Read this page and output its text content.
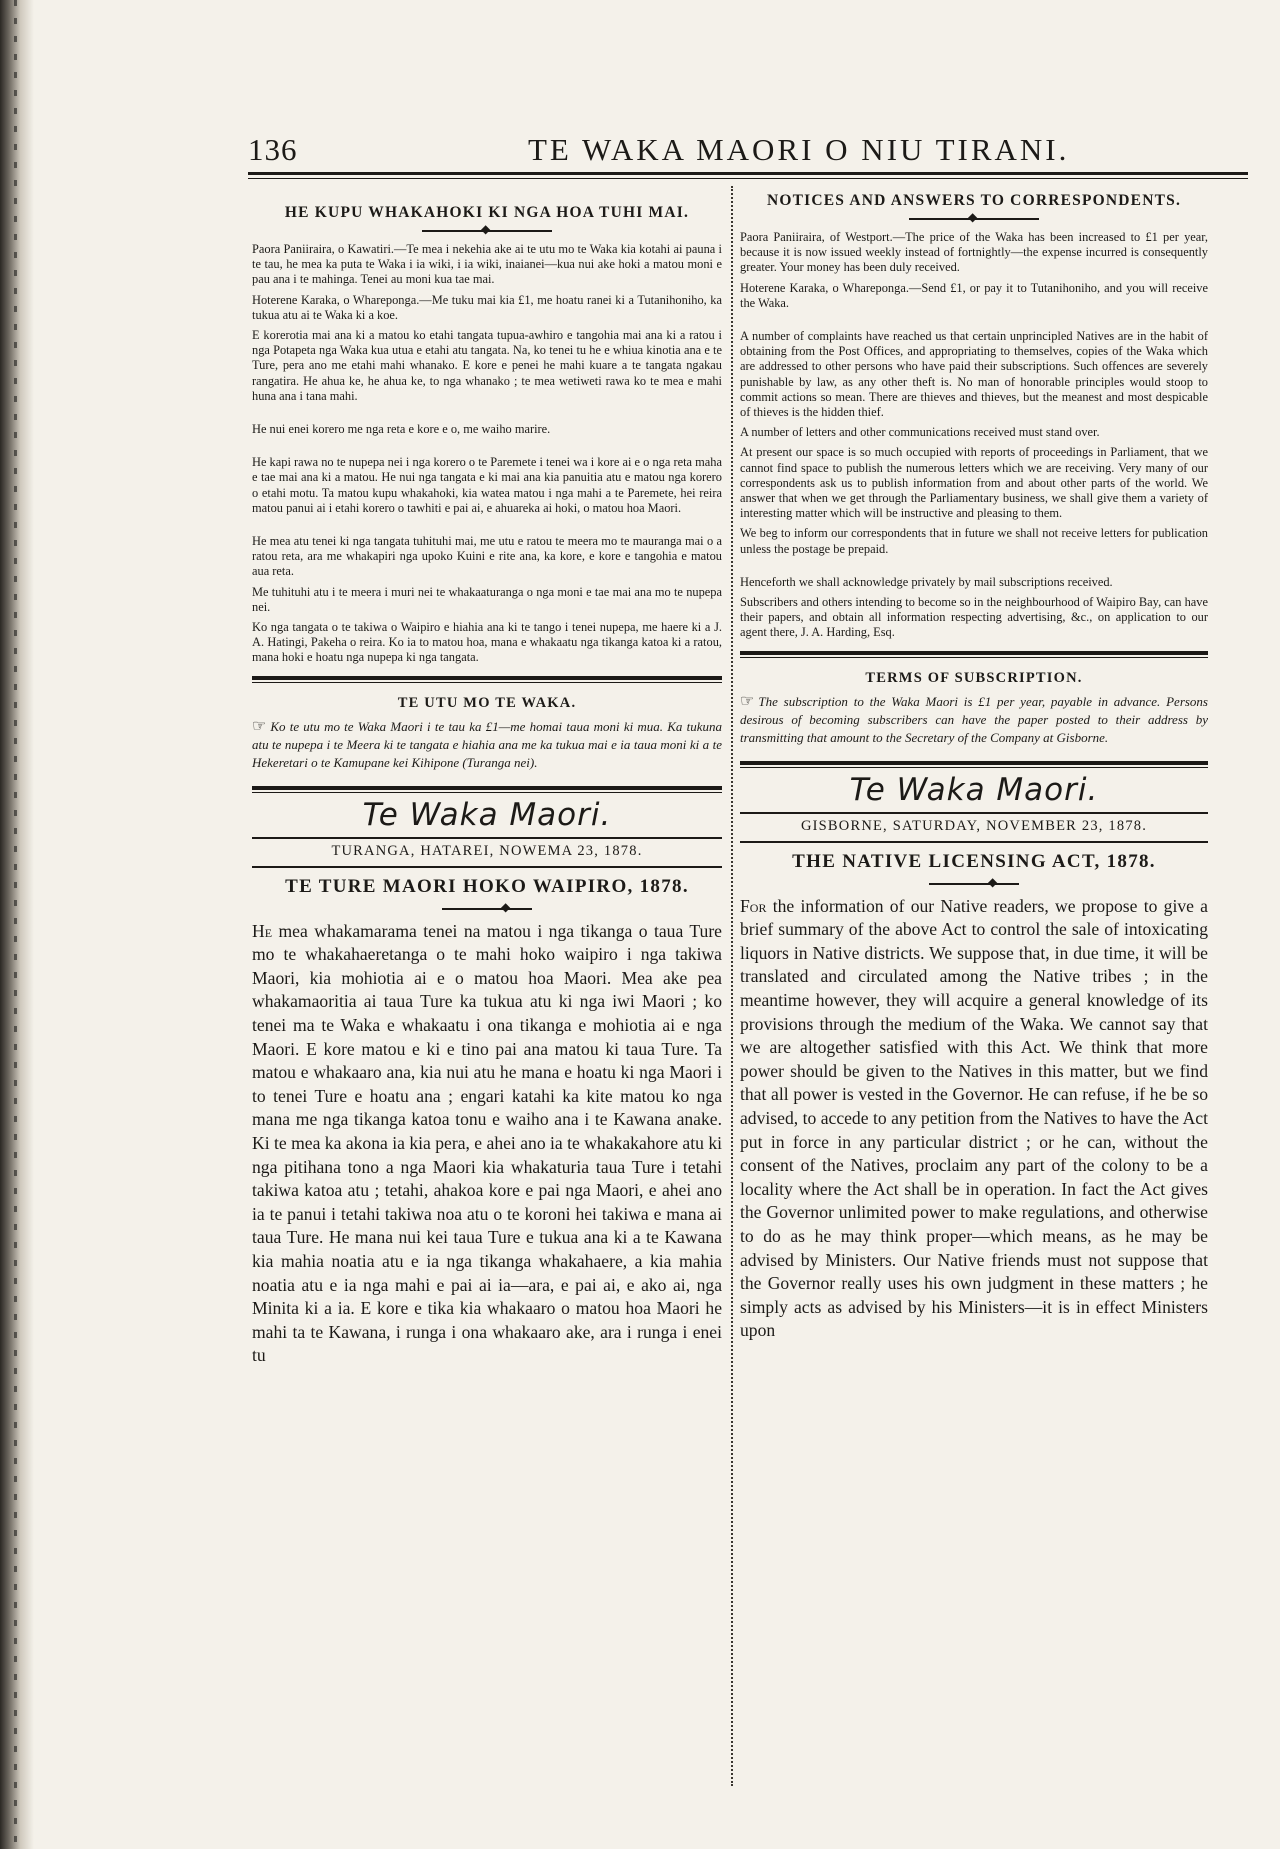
136	TE WAKA MAORI O NIU TIRANI.
HE KUPU WHAKAHOKI KI NGA HOA TUHI MAI.
◆

Paora Paniiraira, o Kawatiri.—Te mea i nekehia ake ai te utu mo te Waka kia kotahi ai pauna i te tau, he mea ka puta te Waka i ia wiki, i ia wiki, inaianei—kua nui ake hoki a matou moni e pau ana i te mahinga. Tenei au moni kua tae mai.

Hoterene Karaka, o Whareponga.—Me tuku mai kia £1, me hoatu ranei ki a Tutanihoniho, ka tukua atu ai te Waka ki a koe.

E korerotia mai ana ki a matou ko etahi tangata tupua-awhiro e tangohia mai ana ki a ratou i nga Potapeta nga Waka kua utua e etahi atu tangata. Na, ko tenei tu he e whiua kinotia ana e te Ture, pera ano me etahi mahi whanako. E kore e penei he mahi kuare a te tangata ngakau rangatira. He ahua ke, he ahua ke, to nga whanako ; te mea wetiweti rawa ko te mea e mahi huna ana i tana mahi.

He nui enei korero me nga reta e kore e o, me waiho marire.

He kapi rawa no te nupepa nei i nga korero o te Paremete i tenei wa i kore ai e o nga reta maha e tae mai ana ki a matou. He nui nga tangata e ki mai ana kia panuitia atu e matou nga korero o etahi motu. Ta matou kupu whakahoki, kia watea matou i nga mahi a te Paremete, hei reira matou panui ai i etahi korero o tawhiti e pai ai, e ahuareka ai hoki, o matou hoa Maori.

He mea atu tenei ki nga tangata tuhituhi mai, me utu e ratou te meera mo te mauranga mai o a ratou reta, ara me whakapiri nga upoko Kuini e rite ana, ka kore, e kore e tangohia e matou aua reta.

Me tuhituhi atu i te meera i muri nei te whakaaturanga o nga moni e tae mai ana mo te nupepa nei.

Ko nga tangata o te takiwa o Waipiro e hiahia ana ki te tango i tenei nupepa, me haere ki a J. A. Hatingi, Pakeha o reira. Ko ia to matou hoa, mana e whakaatu nga tikanga katoa ki a ratou, mana hoki e hoatu nga nupepa ki nga tangata.

TE UTU MO TE WAKA.
☞ Ko te utu mo te Waka Maori i te tau ka £1—me homai taua moni ki mua. Ka tukuna atu te nupepa i te Meera ki te tangata e hiahia ana me ka tukua mai e ia taua moni ki a te Hekeretari o te Kamupane kei Kihipone (Turanga nei).
Te Waka Maori.
TURANGA, HATAREI, NOWEMA 23, 1878.
TE TURE MAORI HOKO WAIPIRO, 1878.
◆

He mea whakamarama tenei na matou i nga tikanga o taua Ture mo te whakahaeretanga o te mahi hoko waipiro i nga takiwa Maori, kia mohiotia ai e o matou hoa Maori. Mea ake pea whakamaoritia ai taua Ture ka tukua atu ki nga iwi Maori ; ko tenei ma te Waka e whakaatu i ona tikanga e mohiotia ai e nga Maori. E kore matou e ki e tino pai ana matou ki taua Ture. Ta matou e whakaaro ana, kia nui atu he mana e hoatu ki nga Maori i to tenei Ture e hoatu ana ; engari katahi ka kite matou ko nga mana me nga tikanga katoa tonu e waiho ana i te Kawana anake. Ki te mea ka akona ia kia pera, e ahei ano ia te whakakahore atu ki nga pitihana tono a nga Maori kia whakaturia taua Ture i tetahi takiwa katoa atu ; tetahi, ahakoa kore e pai nga Maori, e ahei ano ia te panui i tetahi takiwa noa atu o te koroni hei takiwa e mana ai taua Ture. He mana nui kei taua Ture e tukua ana ki a te Kawana kia mahia noatia atu e ia nga tikanga whakahaere, a kia mahia noatia atu e ia nga mahi e pai ai ia—ara, e pai ai, e ako ai, nga Minita ki a ia. E kore e tika kia whakaaro o matou hoa Maori he mahi ta te Kawana, i runga i ona whakaaro ake, ara i runga i enei tu

NOTICES AND ANSWERS TO CORRESPONDENTS.
◆

Paora Paniiraira, of Westport.—The price of the Waka has been increased to £1 per year, because it is now issued weekly instead of fortnightly—the expense incurred is consequently greater. Your money has been duly received.

Hoterene Karaka, o Whareponga.—Send £1, or pay it to Tutanihoniho, and you will receive the Waka.

A number of complaints have reached us that certain unprincipled Natives are in the habit of obtaining from the Post Offices, and appropriating to themselves, copies of the Waka which are addressed to other persons who have paid their subscriptions. Such offences are severely punishable by law, as any other theft is. No man of honorable principles would stoop to commit actions so mean. There are thieves and thieves, but the meanest and most despicable of thieves is the hidden thief.

A number of letters and other communications received must stand over.

At present our space is so much occupied with reports of proceedings in Parliament, that we cannot find space to publish the numerous letters which we are receiving. Very many of our correspondents ask us to publish information from and about other parts of the world. We answer that when we get through the Parliamentary business, we shall give them a variety of interesting matter which will be instructive and pleasing to them.

We beg to inform our correspondents that in future we shall not receive letters for publication unless the postage be prepaid.

Henceforth we shall acknowledge privately by mail subscriptions received.

Subscribers and others intending to become so in the neighbourhood of Waipiro Bay, can have their papers, and obtain all information respecting advertising, &c., on application to our agent there, J. A. Harding, Esq.

TERMS OF SUBSCRIPTION.
☞ The subscription to the Waka Maori is £1 per year, payable in advance. Persons desirous of becoming subscribers can have the paper posted to their address by transmitting that amount to the Secretary of the Company at Gisborne.
Te Waka Maori.
GISBORNE, SATURDAY, NOVEMBER 23, 1878.
THE NATIVE LICENSING ACT, 1878.
◆

For the information of our Native readers, we propose to give a brief summary of the above Act to control the sale of intoxicating liquors in Native districts. We suppose that, in due time, it will be translated and circulated among the Native tribes ; in the meantime however, they will acquire a general knowledge of its provisions through the medium of the Waka. We cannot say that we are altogether satisfied with this Act. We think that more power should be given to the Natives in this matter, but we find that all power is vested in the Governor. He can refuse, if he be so advised, to accede to any petition from the Natives to have the Act put in force in any particular district ; or he can, without the consent of the Natives, proclaim any part of the colony to be a locality where the Act shall be in operation. In fact the Act gives the Governor unlimited power to make regulations, and otherwise to do as he may think proper—which means, as he may be advised by Ministers. Our Native friends must not suppose that the Governor really uses his own judgment in these matters ; he simply acts as advised by his Ministers—it is in effect Ministers upon
